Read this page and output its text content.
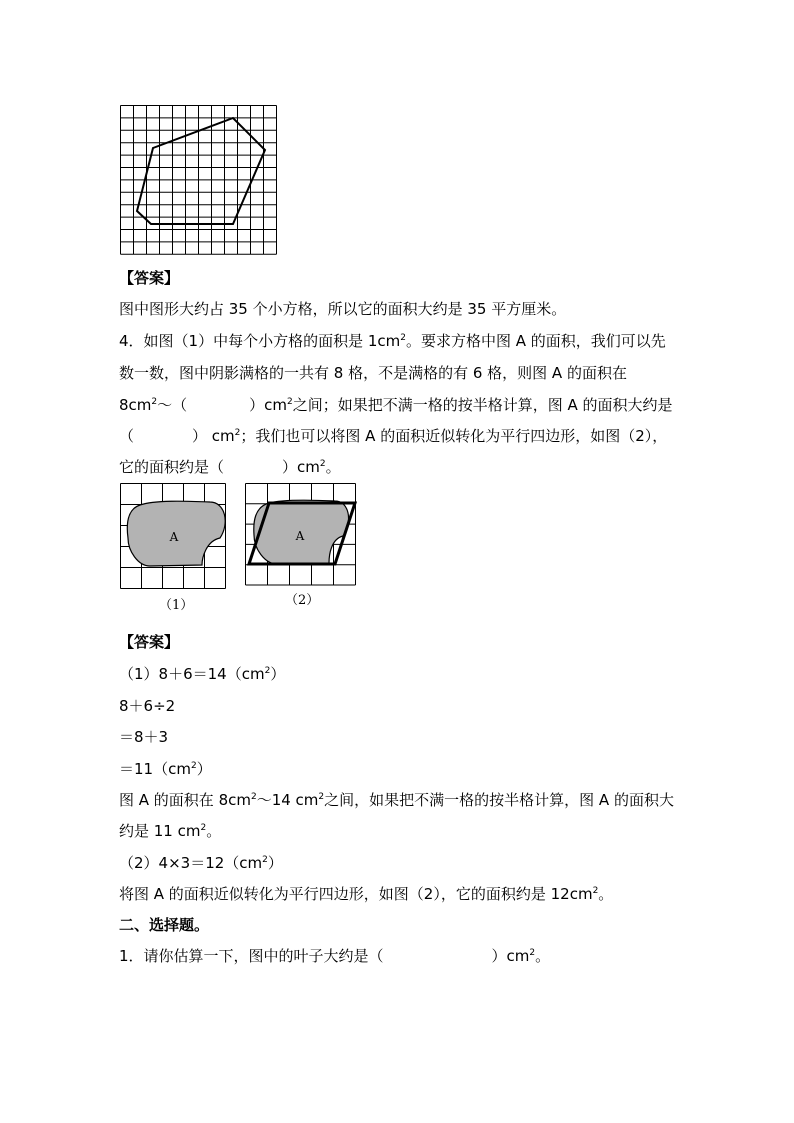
【答案】
图中图形大约占 35 个小方格，所以它的面积大约是 35 平方厘米。
4．如图（1）中每个小方格的面积是 $1cm^2$。要求方格中图 A 的面积，我们可以先
数一数，图中阴影满格的一共有 8 格，不是满格的有 6 格，则图 A 的面积在
$8cm^2\sim$（	）$cm^2$之间；如果把不满一格的按半格计算，图 A 的面积大约是
（	） $cm^2$；我们也可以将图 A 的面积近似转化为平行四边形，如图（2），
它的面积约是（	）$cm^2$。
A	A
（1）	（2）
【答案】
$(1)8+6=14(cm^2)$
8＋6÷2
＝8＋3
$=11(cm^2)$
图 A 的面积在 $8cm^2\sim 14$ $cm^2$之间，如果把不满一格的按半格计算，图 A 的面积大
约是 11 $cm^2$。
$(2)4\times 3=12(cm^2)$
将图 A 的面积近似转化为平行四边形，如图（2），它的面积约是 $12cm^2$。
二、选择题。
1．请你估算一下，图中的叶子大约是（	）$cm^2$。
